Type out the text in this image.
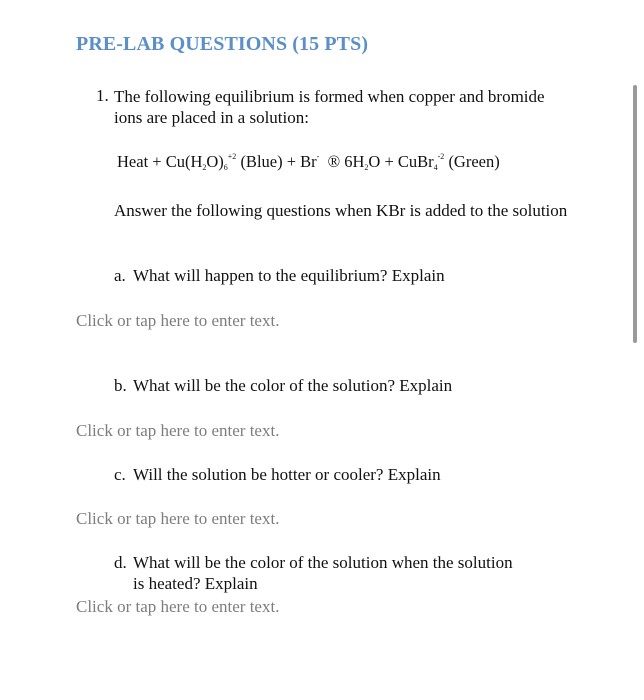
PRE-LAB QUESTIONS (15 PTS)
1. The following equilibrium is formed when copper and bromide ions are placed in a solution:
Heat + $Cu(H_2O)_6^{+2}$ (Blue) + Br-  ® $6H_2O$ + CuBr$_4^{-2}$ (Green)
Answer the following questions when KBr is added to the solution
a. What will happen to the equilibrium? Explain
Click or tap here to enter text.
b. What will be the color of the solution? Explain
Click or tap here to enter text.
c. Will the solution be hotter or cooler? Explain
Click or tap here to enter text.
d. What will be the color of the solution when the solution
is heated? Explain
Click or tap here to enter text.
